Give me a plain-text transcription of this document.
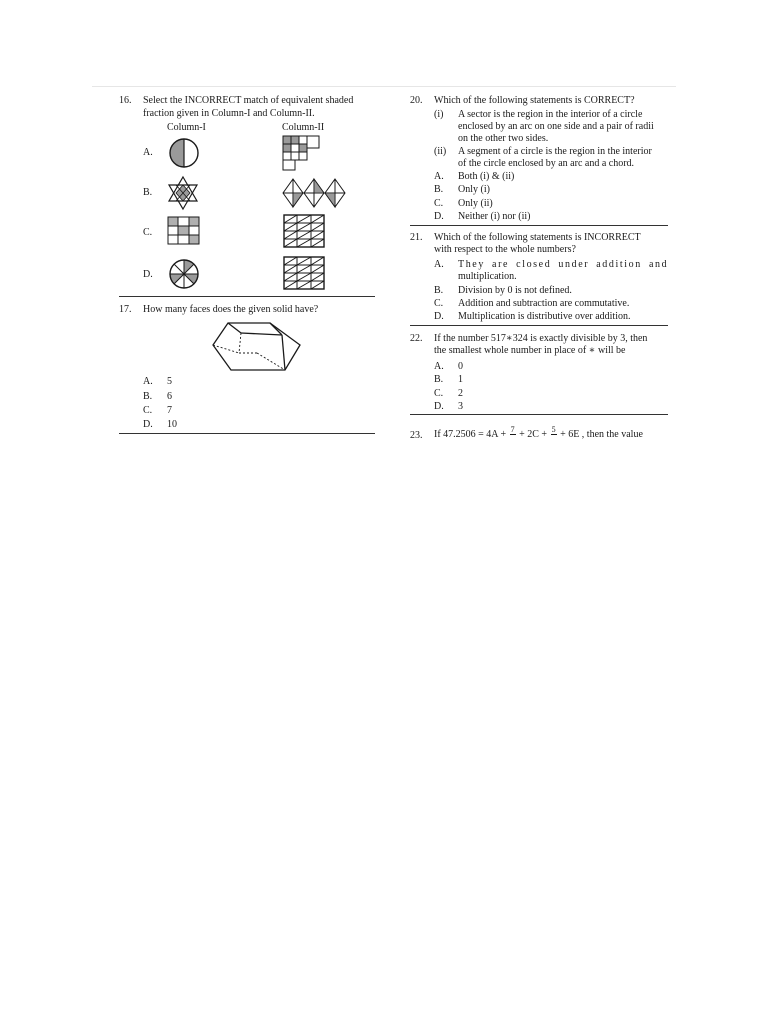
16. Select the INCORRECT match of equivalent shaded
fraction given in Column-I and Column-II.
Column-I	Column-II
A.
B.
C.
D.
17. How many faces does the given solid have?
A. 5
B. 6
C. 7
D. 10
20. Which of the following statements is CORRECT?
(i) A sector is the region in the interior of a circle
enclosed by an arc on one side and a pair of radii
on the other two sides.
(ii) A segment of a circle is the region in the interior
of the circle enclosed by an arc and a chord.
A. Both (i) & (ii)
B. Only (i)
C. Only (ii)
D. Neither (i) nor (ii)
21. Which of the following statements is INCORRECT
with respect to the whole numbers?
A. They are closed under addition and
multiplication.
B. Division by 0 is not defined.
C. Addition and subtraction are commutative.
D. Multiplication is distributive over addition.
22. If the number 517∗324 is exactly divisible by 3, then
the smallest whole number in place of ∗ will be
A. 0
B. 1
C. 2
D. 3
23. If 47.2506 = 4A + 7 + 2C + 5 + 6E , then the value
